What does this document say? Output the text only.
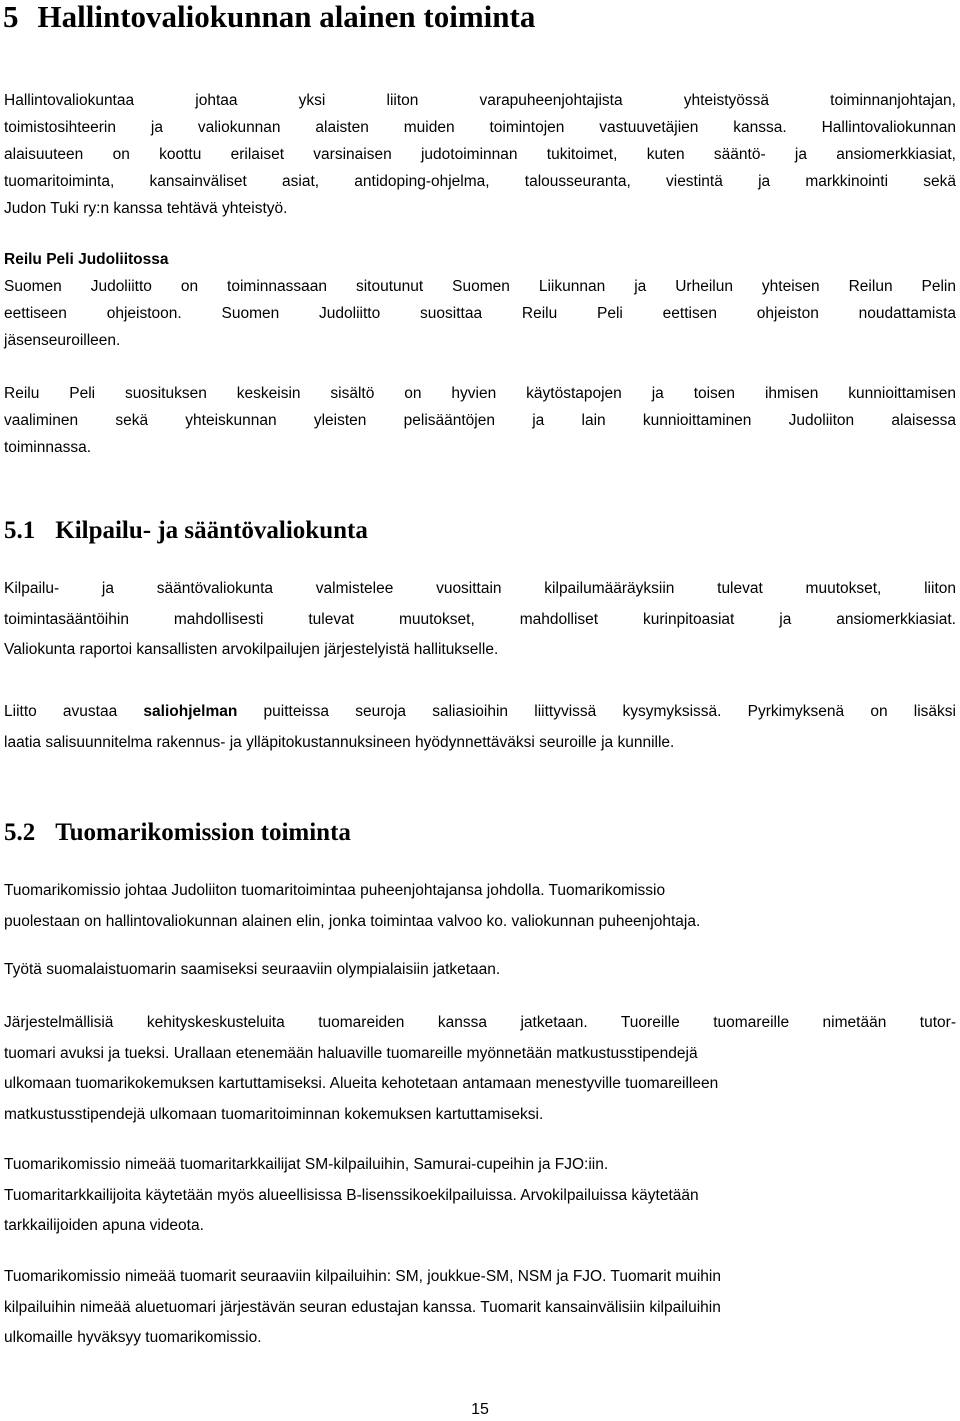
5 Hallintovaliokunnan alainen toiminta
Hallintovaliokuntaa johtaa yksi liiton varapuheenjohtajista yhteistyössä toiminnanjohtajan,
toimistosihteerin ja valiokunnan alaisten muiden toimintojen vastuuvetäjien kanssa. Hallintovaliokunnan
alaisuuteen on koottu erilaiset varsinaisen judotoiminnan tukitoimet, kuten sääntö- ja ansiomerkkiasiat,
tuomaritoiminta, kansainväliset asiat, antidoping-ohjelma, talousseuranta, viestintä ja markkinointi sekä
Judon Tuki ry:n kanssa tehtävä yhteistyö.
Reilu Peli Judoliitossa
Suomen Judoliitto on toiminnassaan sitoutunut Suomen Liikunnan ja Urheilun yhteisen Reilun Pelin
eettiseen ohjeistoon. Suomen Judoliitto suosittaa Reilu Peli eettisen ohjeiston noudattamista
jäsenseuroilleen.
Reilu Peli suosituksen keskeisin sisältö on hyvien käytöstapojen ja toisen ihmisen kunnioittamisen
vaaliminen sekä yhteiskunnan yleisten pelisääntöjen ja lain kunnioittaminen Judoliiton alaisessa
toiminnassa.
5.1 Kilpailu- ja sääntövaliokunta
Kilpailu- ja sääntövaliokunta valmistelee vuosittain kilpailumääräyksiin tulevat muutokset, liiton
toimintasääntöihin mahdollisesti tulevat muutokset, mahdolliset kurinpitoasiat ja ansiomerkkiasiat.
Valiokunta raportoi kansallisten arvokilpailujen järjestelyistä hallitukselle.
Liitto avustaa saliohjelman puitteissa seuroja saliasioihin liittyvissä kysymyksissä. Pyrkimyksenä on lisäksi
laatia salisuunnitelma rakennus- ja ylläpitokustannuksineen hyödynnettäväksi seuroille ja kunnille.
5.2 Tuomarikomission toiminta
Tuomarikomissio johtaa Judoliiton tuomaritoimintaa puheenjohtajansa johdolla. Tuomarikomissio
puolestaan on hallintovaliokunnan alainen elin, jonka toimintaa valvoo ko. valiokunnan puheenjohtaja.
Työtä suomalaistuomarin saamiseksi seuraaviin olympialaisiin jatketaan.
Järjestelmällisiä kehityskeskusteluita tuomareiden kanssa jatketaan. Tuoreille tuomareille nimetään tutor-
tuomari avuksi ja tueksi. Urallaan etenemään haluaville tuomareille myönnetään matkustusstipendejä
ulkomaan tuomarikokemuksen kartuttamiseksi. Alueita kehotetaan antamaan menestyville tuomareilleen
matkustusstipendejä ulkomaan tuomaritoiminnan kokemuksen kartuttamiseksi.
Tuomarikomissio nimeää tuomaritarkkailijat SM-kilpailuihin, Samurai-cupeihin ja FJO:iin.
Tuomaritarkkailijoita käytetään myös alueellisissa B-lisenssikoekilpailuissa. Arvokilpailuissa käytetään
tarkkailijoiden apuna videota.
Tuomarikomissio nimeää tuomarit seuraaviin kilpailuihin: SM, joukkue-SM, NSM ja FJO. Tuomarit muihin
kilpailuihin nimeää aluetuomari järjestävän seuran edustajan kanssa. Tuomarit kansainvälisiin kilpailuihin
ulkomaille hyväksyy tuomarikomissio.
15
